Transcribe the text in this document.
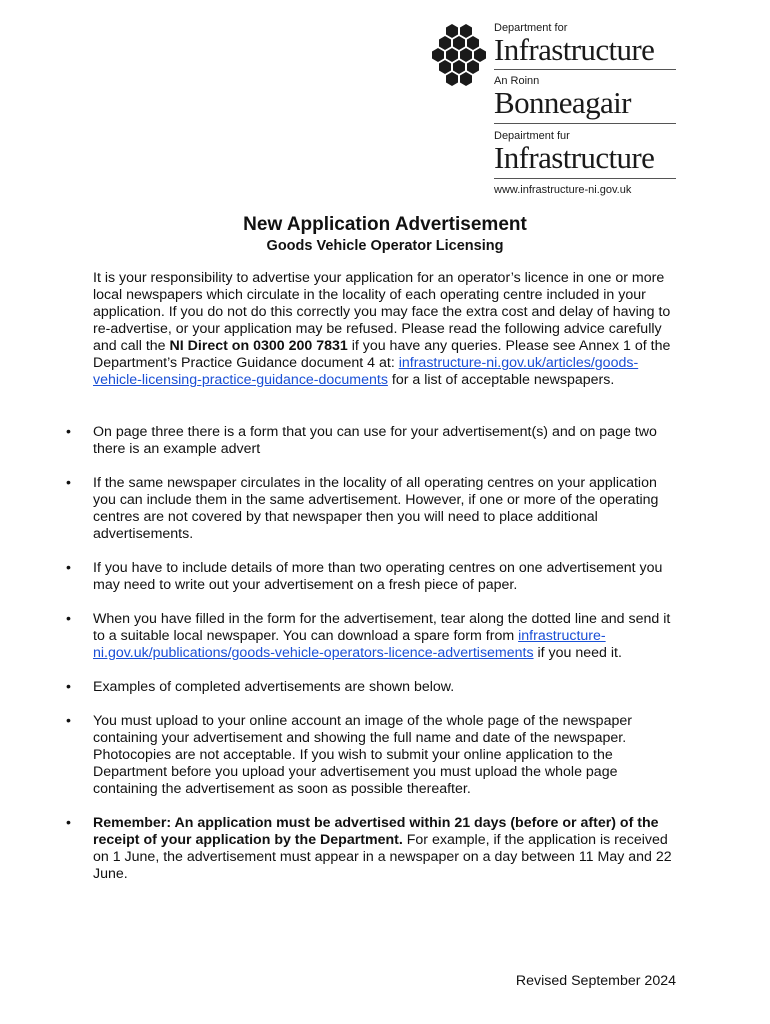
Department for
Infrastructure
An Roinn
Bonneagair
Depairtment fur
Infrastructure
www.infrastructure-ni.gov.uk
New Application Advertisement
Goods Vehicle Operator Licensing

It is your responsibility to advertise your application for an operator’s licence in one or more local newspapers which circulate in the locality of each operating centre included in your application. If you do not do this correctly you may face the extra cost and delay of having to re-advertise, or your application may be refused. Please read the following advice carefully and call the NI Direct on 0300 200 7831 if you have any queries. Please see Annex 1 of the Department’s Practice Guidance document 4 at: infrastructure-ni.gov.uk/articles/goods-vehicle-licensing-practice-guidance-documents for a list of acceptable newspapers.

• On page three there is a form that you can use for your advertisement(s) and on page two there is an example advert
• If the same newspaper circulates in the locality of all operating centres on your application you can include them in the same advertisement. However, if one or more of the operating centres are not covered by that newspaper then you will need to place additional advertisements.
• If you have to include details of more than two operating centres on one advertisement you may need to write out your advertisement on a fresh piece of paper.
• When you have filled in the form for the advertisement, tear along the dotted line and send it to a suitable local newspaper. You can download a spare form from infrastructure-ni.gov.uk/publications/goods-vehicle-operators-licence-advertisements if you need it.
• Examples of completed advertisements are shown below.
• You must upload to your online account an image of the whole page of the newspaper containing your advertisement and showing the full name and date of the newspaper. Photocopies are not acceptable. If you wish to submit your online application to the Department before you upload your advertisement you must upload the whole page containing the advertisement as soon as possible thereafter.
• Remember: An application must be advertised within 21 days (before or after) of the receipt of your application by the Department. For example, if the application is received on 1 June, the advertisement must appear in a newspaper on a day between 11 May and 22 June.

Revised September 2024
